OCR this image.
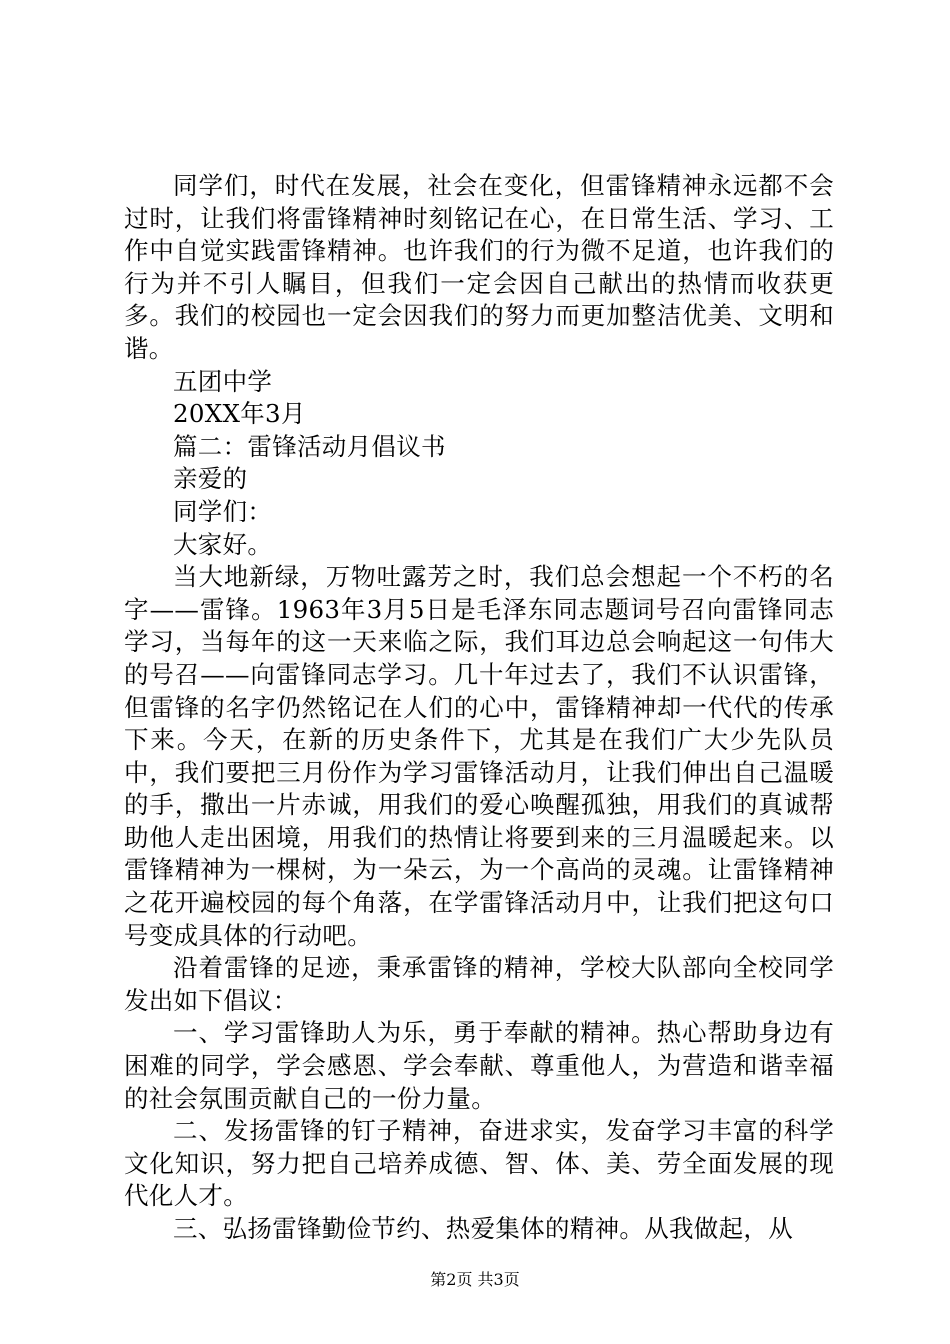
同学们，时代在发展，社会在变化，但雷锋精神永远都不会过时，让我们将雷锋精神时刻铭记在心，在日常生活、学习、工作中自觉实践雷锋精神。也许我们的行为微不足道，也许我们的行为并不引人瞩目，但我们一定会因自己献出的热情而收获更多。我们的校园也一定会因我们的努力而更加整洁优美、文明和谐。

五团中学

20XX年3月

篇二：雷锋活动月倡议书

亲爱的

同学们：

大家好。

当大地新绿，万物吐露芳之时，我们总会想起一个不朽的名字——雷锋。1963年3月5日是毛泽东同志题词号召向雷锋同志学习，当每年的这一天来临之际，我们耳边总会响起这一句伟大的号召——向雷锋同志学习。几十年过去了，我们不认识雷锋，但雷锋的名字仍然铭记在人们的心中，雷锋精神却一代代的传承下来。今天，在新的历史条件下，尤其是在我们广大少先队员中，我们要把三月份作为学习雷锋活动月，让我们伸出自己温暖的手，撒出一片赤诚，用我们的爱心唤醒孤独，用我们的真诚帮助他人走出困境，用我们的热情让将要到来的三月温暖起来。以雷锋精神为一棵树，为一朵云，为一个高尚的灵魂。让雷锋精神之花开遍校园的每个角落，在学雷锋活动月中，让我们把这句口号变成具体的行动吧。

沿着雷锋的足迹，秉承雷锋的精神，学校大队部向全校同学发出如下倡议：

一、学习雷锋助人为乐，勇于奉献的精神。热心帮助身边有困难的同学，学会感恩、学会奉献、尊重他人，为营造和谐幸福的社会氛围贡献自己的一份力量。

二、发扬雷锋的钉子精神，奋进求实，发奋学习丰富的科学文化知识，努力把自己培养成德、智、体、美、劳全面发展的现代化人才。

三、弘扬雷锋勤俭节约、热爱集体的精神。从我做起，从

第2页 共3页
